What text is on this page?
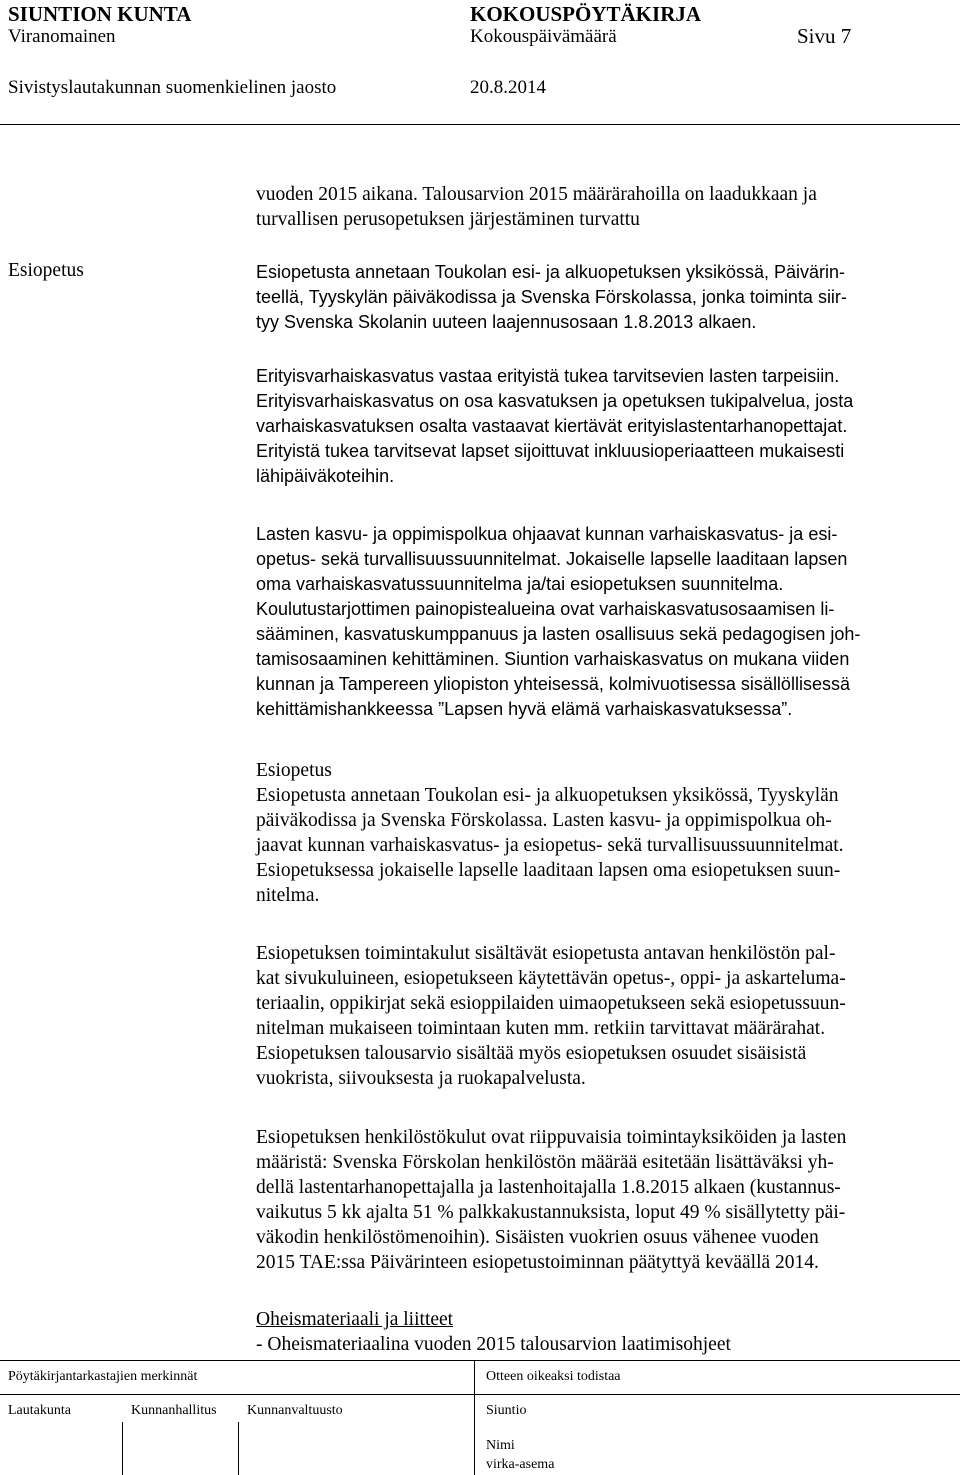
SIUNTION KUNTA	KOKOUSPÖYTÄKIRJA
Viranomainen	Kokouspäivämäärä	Sivu 7
Sivistyslautakunnan suomenkielinen jaosto	20.8.2014
vuoden 2015 aikana. Talousarvion 2015 määrärahoilla on laadukkaan ja
turvallisen perusopetuksen järjestäminen turvattu
Esiopetus	Esiopetusta annetaan Toukolan esi- ja alkuopetuksen yksikössä, Päivärin-
teellä, Tyyskylän päiväkodissa ja Svenska Förskolassa, jonka toiminta siir-
tyy Svenska Skolanin uuteen laajennusosaan 1.8.2013 alkaen.
Erityisvarhaiskasvatus vastaa erityistä tukea tarvitsevien lasten tarpeisiin.
Erityisvarhaiskasvatus on osa kasvatuksen ja opetuksen tukipalvelua, josta
varhaiskasvatuksen osalta vastaavat kiertävät erityislastentarhanopettajat.
Erityistä tukea tarvitsevat lapset sijoittuvat inkluusioperiaatteen mukaisesti
lähipäiväkoteihin.
Lasten kasvu- ja oppimispolkua ohjaavat kunnan varhaiskasvatus- ja esi-
opetus- sekä turvallisuussuunnitelmat. Jokaiselle lapselle laaditaan lapsen
oma varhaiskasvatussuunnitelma ja/tai esiopetuksen suunnitelma.
Koulutustarjottimen painopistealueina ovat varhaiskasvatusosaamisen li-
sääminen, kasvatuskumppanuus ja lasten osallisuus sekä pedagogisen joh-
tamisosaaminen kehittäminen. Siuntion varhaiskasvatus on mukana viiden
kunnan ja Tampereen yliopiston yhteisessä, kolmivuotisessa sisällöllisessä
kehittämishankkeessa ”Lapsen hyvä elämä varhaiskasvatuksessa”.
Esiopetus
Esiopetusta annetaan Toukolan esi- ja alkuopetuksen yksikössä, Tyyskylän
päiväkodissa ja Svenska Förskolassa. Lasten kasvu- ja oppimispolkua oh-
jaavat kunnan varhaiskasvatus- ja esiopetus- sekä turvallisuussuunnitelmat.
Esiopetuksessa jokaiselle lapselle laaditaan lapsen oma esiopetuksen suun-
nitelma.
Esiopetuksen toimintakulut sisältävät esiopetusta antavan henkilöstön pal-
kat sivukuluineen, esiopetukseen käytettävän opetus-, oppi- ja askartelumа-
teriaalin, oppikirjat sekä esioppilaiden uimaopetukseen sekä esiopetussuun-
nitelman mukaiseen toimintaan kuten mm. retkiin tarvittavat määrärahat.
Esiopetuksen talousarvio sisältää myös esiopetuksen osuudet sisäisistä
vuokrista, siivouksesta ja ruokapalvelusta.
Esiopetuksen henkilöstökulut ovat riippuvaisia toimintayksiköiden ja lasten
määristä: Svenska Förskolan henkilöstön määrää esitetään lisättäväksi yh-
dellä lastentarhanopettajalla ja lastenhoitajalla 1.8.2015 alkaen (kustannus-
vaikutus 5 kk ajalta 51 % palkkakustannuksista, loput 49 % sisällytetty päi-
väkodin henkilöstömenoihin). Sisäisten vuokrien osuus vähenee vuoden
2015 TAE:ssa Päivärinteen esiopetustoiminnan päätyttyä keväällä 2014.
Oheismateriaali ja liitteet
- Oheismateriaalina vuoden 2015 talousarvion laatimisohjeet
Pöytäkirjantarkastajien merkinnät	Otteen oikeaksi todistaa
Lautakunta	Kunnanhallitus Kunnanvaltuusto	Siuntio
Nimi
virka-asema
